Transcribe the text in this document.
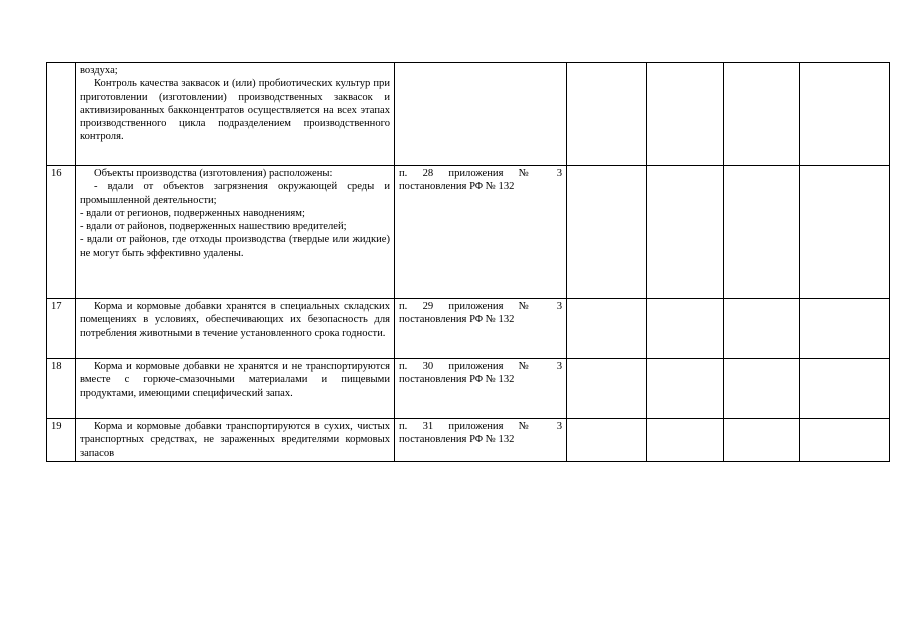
	воздуха;

Контроль качества заквасок и (или) пробиотических культур при приготовлении (изготовлении) производственных заквасок и активизированных бакконцентратов осуществляется на всех этапах производственного цикла подразделением производственного контроля.					

16	Объекты производства (изготовления) расположены:

- вдали от объектов загрязнения окружающей среды и промышленной деятельности;

- вдали от регионов, подверженных наводнениям;

- вдали от районов, подверженных нашествию вредителей;

- вдали от районов, где отходы производства (твердые или жидкие) не могут быть эффективно удалены.	п. 28 приложения № 3 постановления РФ № 132				

17	Корма и кормовые добавки хранятся в специальных складских помещениях в условиях, обеспечивающих их безопасность для потребления животными в течение установленного срока годности.	п. 29 приложения № 3 постановления РФ № 132				

18	Корма и кормовые добавки не хранятся и не транспортируются вместе с горюче-смазочными материалами и пищевыми продуктами, имеющими специфический запах.	п. 30 приложения № 3 постановления РФ № 132				

19	Корма и кормовые добавки транспортируются в сухих, чистых транспортных средствах, не зараженных вредителями кормовых запасов	п. 31 приложения № 3 постановления РФ № 132				
